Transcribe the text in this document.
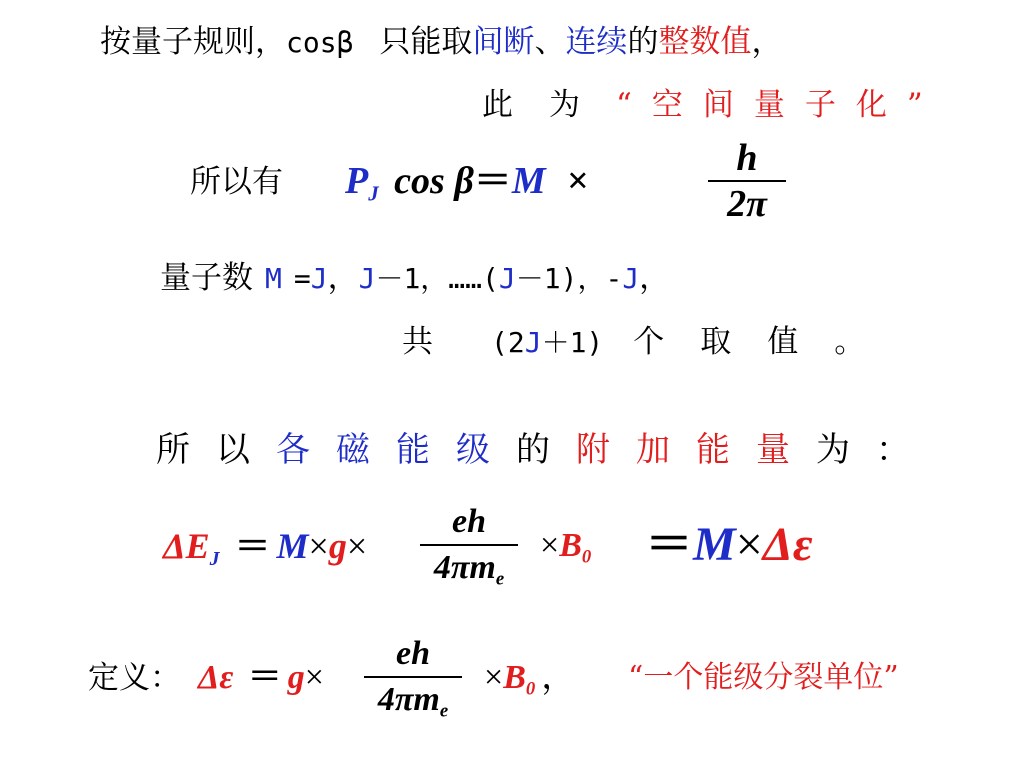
按量子规则，cosβ 只能取间断、连续的整数值，
此为“空间量子化”
所以有 $P_J$ cos β＝M ×
h
2π
量子数 M =J，J－1，……(J－1)，-J，
共 (2J＋1) 个取值。
所以各磁能级的附加能量为：
$\Delta E_J = M\times g\times$
eh
$4\pi m_e$
$\times B_0 =M\times\Delta\varepsilon$
定义： Δε ＝ g×
eh
$4\pi m_e$
$\times B_0$ ， “一个能级分裂单位”
